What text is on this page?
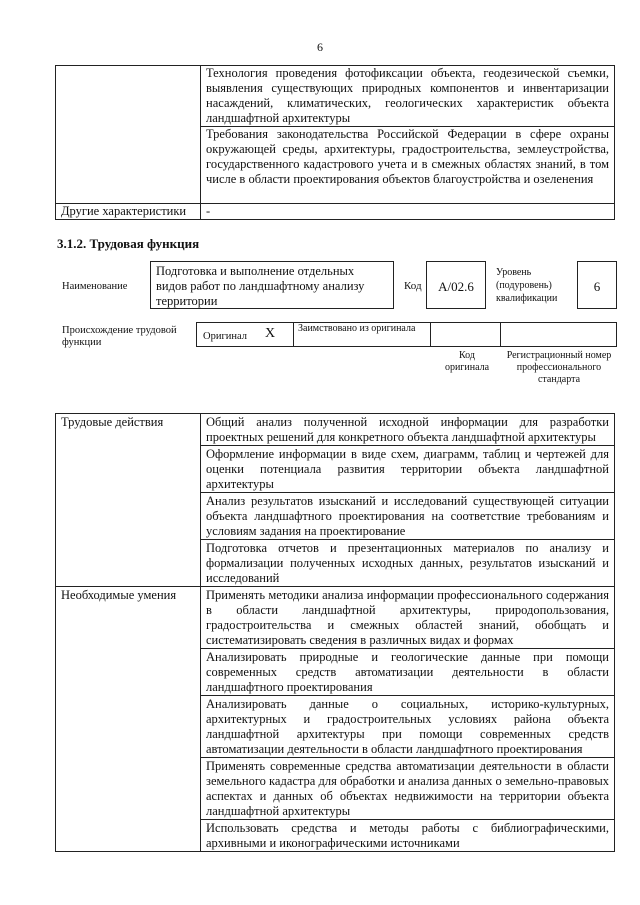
6
	Технология проведения фотофиксации объекта, геодезической съемки, выявления существующих природных компонентов и инвентаризации насаждений, климатических, геологических характеристик объекта ландшафтной архитектуры
	Требования законодательства Российской Федерации в сфере охраны окружающей среды, архитектуры, градостроительства, землеустройства, государственного кадастрового учета и в смежных областях знаний, в том числе в области проектирования объектов благоустройства и озеленения
Другие характеристики	-
3.1.2. Трудовая функция
Наименование
Подготовка и выполнение отдельных видов работ по ландшафтному анализу территории
Код	A/02.6
Уровень (подуровень) квалификации
6
Происхождение трудовой функции
Оригинал X	Заимствовано из оригинала
Код оригинала
Регистрационный номер профессионального стандарта
Трудовые действия	Общий анализ полученной исходной информации для разработки проектных решений для конкретного объекта ландшафтной архитектуры
	Оформление информации в виде схем, диаграмм, таблиц и чертежей для оценки потенциала развития территории объекта ландшафтной архитектуры
	Анализ результатов изысканий и исследований существующей ситуации объекта ландшафтного проектирования на соответствие требованиям и условиям задания на проектирование
	Подготовка отчетов и презентационных материалов по анализу и формализации полученных исходных данных, результатов изысканий и исследований
Необходимые умения	Применять методики анализа информации профессионального содержания в области ландшафтной архитектуры, природопользования, градостроительства и смежных областей знаний, обобщать и систематизировать сведения в различных видах и формах
	Анализировать природные и геологические данные при помощи современных средств автоматизации деятельности в области ландшафтного проектирования
	Анализировать данные о социальных, историко-культурных, архитектурных и градостроительных условиях района объекта ландшафтной архитектуры при помощи современных средств автоматизации деятельности в области ландшафтного проектирования
	Применять современные средства автоматизации деятельности в области земельного кадастра для обработки и анализа данных о земельно-правовых аспектах и данных об объектах недвижимости на территории объекта ландшафтной архитектуры
	Использовать средства и методы работы с библиографическими, архивными и иконографическими источниками
